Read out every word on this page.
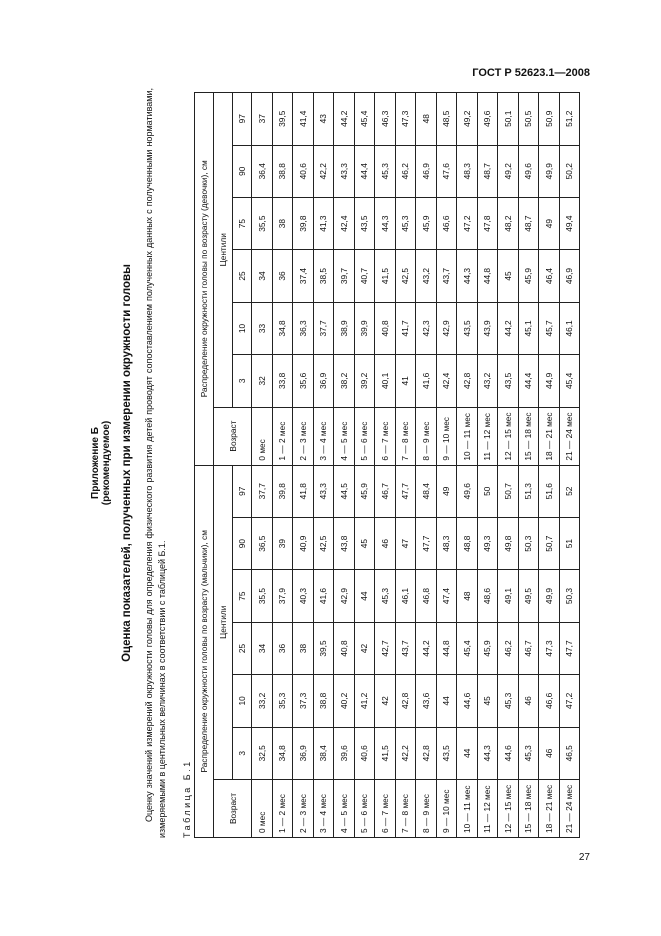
ГОСТ Р 52623.1—2008
Приложение Б (рекомендуемое) Оценка показателей, полученных при измерении окружности головы Оценку значений измерений окружности головы для определения физического развития детей проводят сопоставлением полученных данных с полученными нормативами, измеряемыми в центильных величинах в соответствии с таблицей Б.1. Таблица Б.1
Распределение окружности головы по возрасту (мальчики), см							Распределение окружности головы по возрасту (девочки), см						
Возраст	Центили						Возраст	Центили					
	3	10	25	75	90	97		3	10	25	75	90	97
0 мес	32,5	33,2	34	35,5	36,5	37,7	0 мес	32	33	34	35,5	36,4	37
1 — 2 мес	34,8	35,3	36	37,9	39	39,8	1 — 2 мес	33,8	34,8	36	38	38,8	39,5
2 — 3 мес	36,9	37,3	38	40,3	40,9	41,8	2 — 3 мес	35,6	36,3	37,4	39,8	40,6	41,4
3 — 4 мес	38,4	38,8	39,5	41,6	42,5	43,3	3 — 4 мес	36,9	37,7	38,5	41,3	42,2	43
4 — 5 мес	39,6	40,2	40,8	42,9	43,8	44,5	4 — 5 мес	38,2	38,9	39,7	42,4	43,3	44,2
5 — 6 мес	40,6	41,2	42	44	45	45,9	5 — 6 мес	39,2	39,9	40,7	43,5	44,4	45,4
6 — 7 мес	41,5	42	42,7	45,3	46	46,7	6 — 7 мес	40,1	40,8	41,5	44,3	45,3	46,3
7 — 8 мес	42,2	42,8	43,7	46,1	47	47,7	7 — 8 мес	41	41,7	42,5	45,3	46,2	47,3
8 — 9 мес	42,8	43,6	44,2	46,8	47,7	48,4	8 — 9 мес	41,6	42,3	43,2	45,9	46,9	48
9 — 10 мес	43,5	44	44,8	47,4	48,3	49	9 — 10 мес	42,4	42,9	43,7	46,6	47,6	48,5
10 — 11 мес	44	44,6	45,4	48	48,8	49,6	10 — 11 мес	42,8	43,5	44,3	47,2	48,3	49,2
11 — 12 мес	44,3	45	45,9	48,6	49,3	50	11 — 12 мес	43,2	43,9	44,8	47,8	48,7	49,6
12 — 15 мес	44,6	45,3	46,2	49,1	49,8	50,7	12 — 15 мес	43,5	44,2	45	48,2	49,2	50,1
15 — 18 мес	45,3	46	46,7	49,5	50,3	51,3	15 — 18 мес	44,4	45,1	45,9	48,7	49,6	50,5
18 — 21 мес	46	46,6	47,3	49,9	50,7	51,6	18 — 21 мес	44,9	45,7	46,4	49	49,9	50,9
21 — 24 мес	46,5	47,2	47,7	50,3	51	52	21 — 24 мес	45,4	46,1	46,9	49,4	50,2	51,2
27
